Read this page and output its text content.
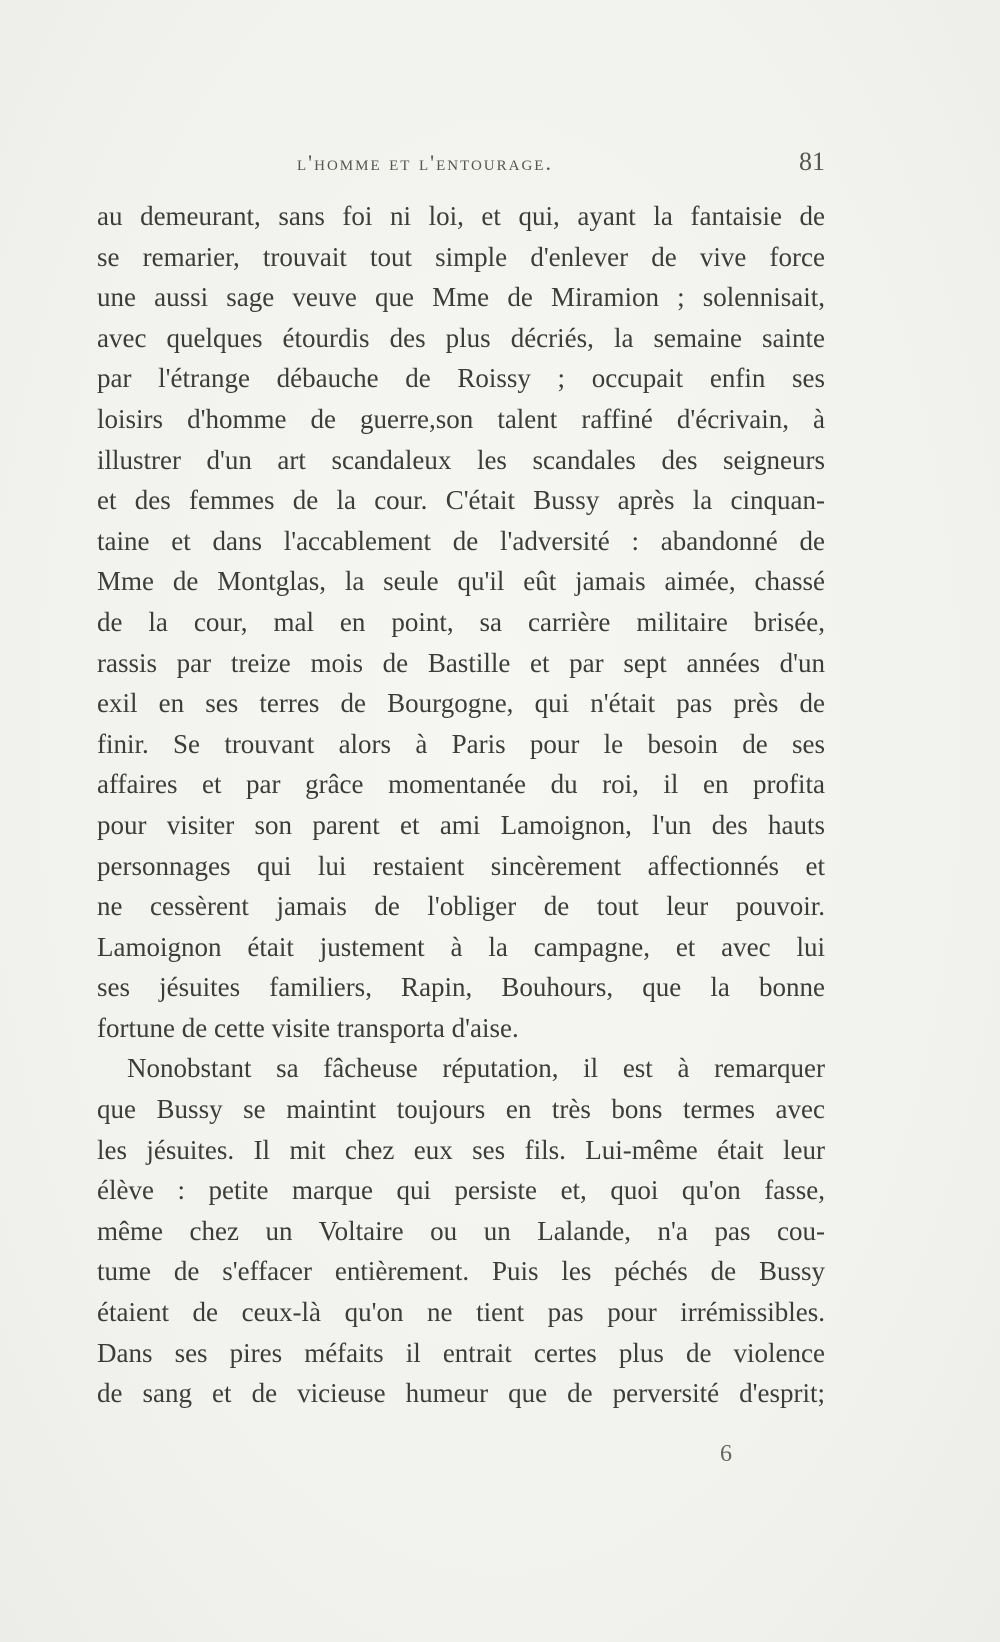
l'homme et l'entourage.	81
au demeurant, sans foi ni loi, et qui, ayant la fantaisie de
se remarier, trouvait tout simple d'enlever de vive force
une aussi sage veuve que Mme de Miramion ; solennisait,
avec quelques étourdis des plus décriés, la semaine sainte
par l'étrange débauche de Roissy ; occupait enfin ses
loisirs d'homme de guerre,son talent raffiné d'écrivain, à
illustrer d'un art scandaleux les scandales des seigneurs
et des femmes de la cour. C'était Bussy après la cinquan-
taine et dans l'accablement de l'adversité : abandonné de
Mme de Montglas, la seule qu'il eût jamais aimée, chassé
de la cour, mal en point, sa carrière militaire brisée,
rassis par treize mois de Bastille et par sept années d'un
exil en ses terres de Bourgogne, qui n'était pas près de
finir. Se trouvant alors à Paris pour le besoin de ses
affaires et par grâce momentanée du roi, il en profita
pour visiter son parent et ami Lamoignon, l'un des hauts
personnages qui lui restaient sincèrement affectionnés et
ne cessèrent jamais de l'obliger de tout leur pouvoir.
Lamoignon était justement à la campagne, et avec lui
ses jésuites familiers, Rapin, Bouhours, que la bonne
fortune de cette visite transporta d'aise.
Nonobstant sa fâcheuse réputation, il est à remarquer
que Bussy se maintint toujours en très bons termes avec
les jésuites. Il mit chez eux ses fils. Lui-même était leur
élève : petite marque qui persiste et, quoi qu'on fasse,
même chez un Voltaire ou un Lalande, n'a pas cou-
tume de s'effacer entièrement. Puis les péchés de Bussy
étaient de ceux-là qu'on ne tient pas pour irrémissibles.
Dans ses pires méfaits il entrait certes plus de violence
de sang et de vicieuse humeur que de perversité d'esprit;
6
